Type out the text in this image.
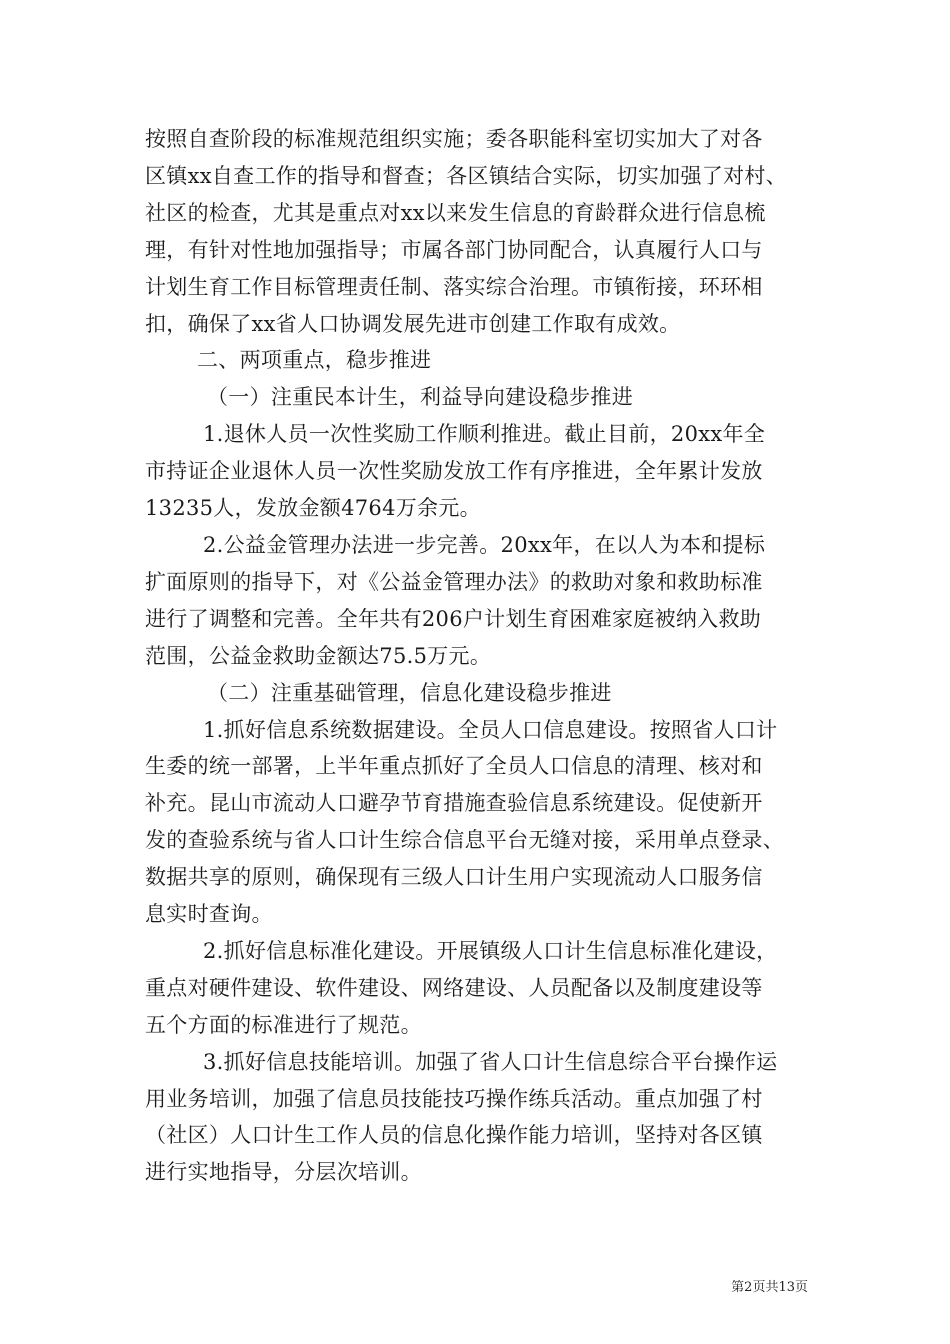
按照自查阶段的标准规范组织实施；委各职能科室切实加大了对各
区镇xx自查工作的指导和督查；各区镇结合实际，切实加强了对村、
社区的检查，尤其是重点对xx以来发生信息的育龄群众进行信息梳
理，有针对性地加强指导；市属各部门协同配合，认真履行人口与
计划生育工作目标管理责任制、落实综合治理。市镇衔接，环环相
扣，确保了xx省人口协调发展先进市创建工作取有成效。
二、两项重点，稳步推进
（一）注重民本计生，利益导向建设稳步推进
1.退休人员一次性奖励工作顺利推进。截止目前，20xx年全
市持证企业退休人员一次性奖励发放工作有序推进，全年累计发放
13235人，发放金额4764万余元。
2.公益金管理办法进一步完善。20xx年，在以人为本和提标
扩面原则的指导下，对《公益金管理办法》的救助对象和救助标准
进行了调整和完善。全年共有206户计划生育困难家庭被纳入救助
范围，公益金救助金额达75.5万元。
（二）注重基础管理，信息化建设稳步推进
1.抓好信息系统数据建设。全员人口信息建设。按照省人口计
生委的统一部署，上半年重点抓好了全员人口信息的清理、核对和
补充。昆山市流动人口避孕节育措施查验信息系统建设。促使新开
发的查验系统与省人口计生综合信息平台无缝对接，采用单点登录、
数据共享的原则，确保现有三级人口计生用户实现流动人口服务信
息实时查询。
2.抓好信息标准化建设。开展镇级人口计生信息标准化建设，
重点对硬件建设、软件建设、网络建设、人员配备以及制度建设等
五个方面的标准进行了规范。
3.抓好信息技能培训。加强了省人口计生信息综合平台操作运
用业务培训，加强了信息员技能技巧操作练兵活动。重点加强了村
（社区）人口计生工作人员的信息化操作能力培训，坚持对各区镇
进行实地指导，分层次培训。
第2页共13页
